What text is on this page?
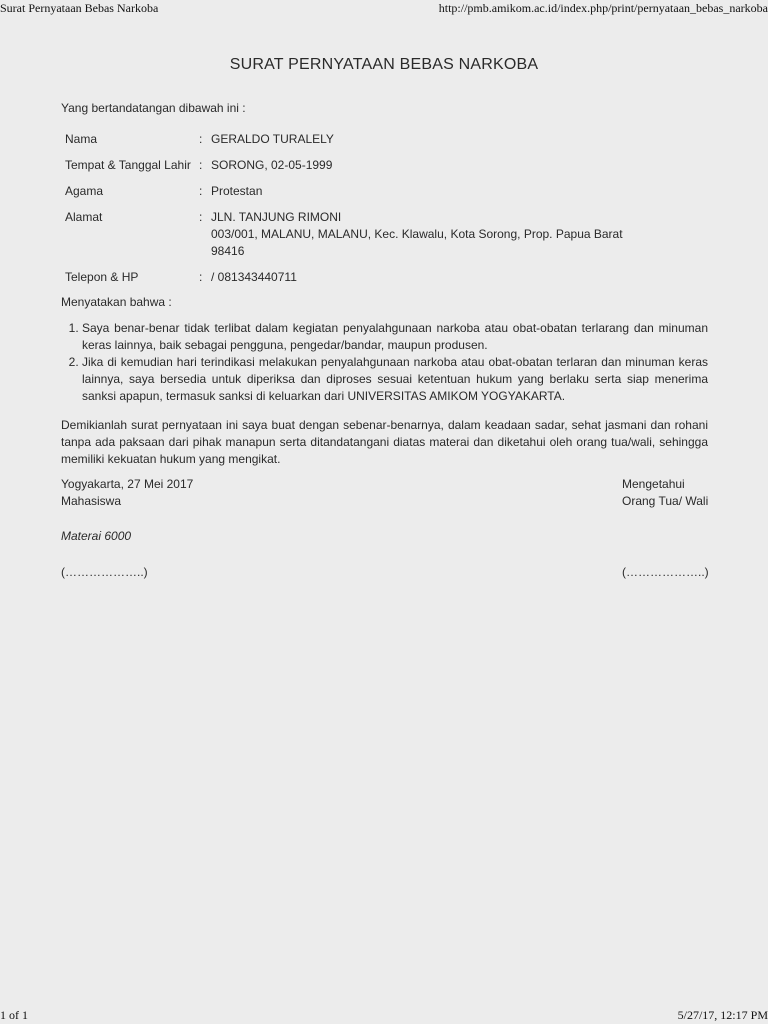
Surat Pernyataan Bebas Narkoba	http://pmb.amikom.ac.id/index.php/print/pernyataan_bebas_narkoba
SURAT PERNYATAAN BEBAS NARKOBA
Yang bertandatangan dibawah ini :
Nama	: GERALDO TURALELY
Tempat & Tanggal Lahir : SORONG, 02-05-1999
Agama	: Protestan
Alamat	: JLN. TANJUNG RIMONI
003/001, MALANU, MALANU, Kec. Klawalu, Kota Sorong, Prop. Papua Barat
98416
Telepon & HP	: / 081343440711
Menyatakan bahwa :
1. Saya benar-benar tidak terlibat dalam kegiatan penyalahgunaan narkoba atau obat-obatan terlarang dan minuman keras lainnya, baik sebagai pengguna, pengedar/bandar, maupun produsen.
2. Jika di kemudian hari terindikasi melakukan penyalahgunaan narkoba atau obat-obatan terlaran dan minuman keras lainnya, saya bersedia untuk diperiksa dan diproses sesuai ketentuan hukum yang berlaku serta siap menerima sanksi apapun, termasuk sanksi di keluarkan dari UNIVERSITAS AMIKOM YOGYAKARTA.
Demikianlah surat pernyataan ini saya buat dengan sebenar-benarnya, dalam keadaan sadar, sehat jasmani dan rohani tanpa ada paksaan dari pihak manapun serta ditandatangani diatas materai dan diketahui oleh orang tua/wali, sehingga memiliki kekuatan hukum yang mengikat.
Yogyakarta, 27 Mei 2017
Mahasiswa
Mengetahui
Orang Tua/ Wali
Materai 6000
(………………..)	(………………..)
1 of 1	5/27/17, 12:17 PM
